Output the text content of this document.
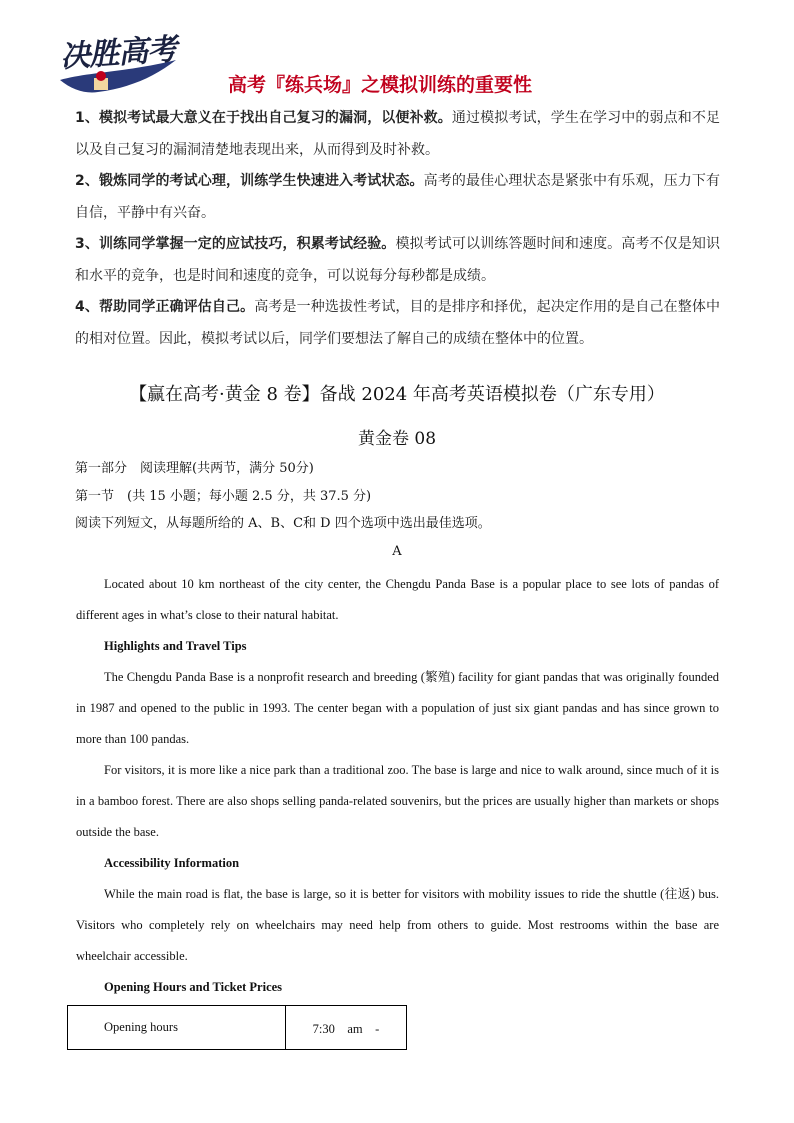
决胜高考
高考『练兵场』之模拟训练的重要性

1、模拟考试最大意义在于找出自己复习的漏洞，以便补救。通过模拟考试，学生在学习中的弱点和不足以及自己复习的漏洞清楚地表现出来，从而得到及时补救。

2、锻炼同学的考试心理，训练学生快速进入考试状态。高考的最佳心理状态是紧张中有乐观，压力下有自信，平静中有兴奋。

3、训练同学掌握一定的应试技巧，积累考试经验。模拟考试可以训练答题时间和速度。高考不仅是知识和水平的竞争，也是时间和速度的竞争，可以说每分每秒都是成绩。

4、帮助同学正确评估自己。高考是一种选拔性考试，目的是排序和择优，起决定作用的是自己在整体中的相对位置。因此，模拟考试以后，同学们要想法了解自己的成绩在整体中的位置。

【赢在高考·黄金 8 卷】备战 2024 年高考英语模拟卷（广东专用）
黄金卷 08
第一部分　阅读理解(共两节，满分 50分)
第一节　(共 15 小题；每小题 2.5 分，共 37.5 分)
阅读下列短文，从每题所给的 A、B、C和 D 四个选项中选出最佳选项。
A

Located about 10 km northeast of the city center, the Chengdu Panda Base is a popular place to see lots of pandas of different ages in what’s close to their natural habitat.

Highlights and Travel Tips

The Chengdu Panda Base is a nonprofit research and breeding (繁殖) facility for giant pandas that was originally founded in 1987 and opened to the public in 1993. The center began with a population of just six giant pandas and has since grown to more than 100 pandas.

For visitors, it is more like a nice park than a traditional zoo. The base is large and nice to walk around, since much of it is in a bamboo forest. There are also shops selling panda-related souvenirs, but the prices are usually higher than markets or shops outside the base.

Accessibility Information

While the main road is flat, the base is large, so it is better for visitors with mobility issues to ride the shuttle (往返) bus. Visitors who completely rely on wheelchairs may need help from others to guide. Most restrooms within the base are wheelchair accessible.

Opening Hours and Ticket Prices
Opening hours	7:30　am　-
